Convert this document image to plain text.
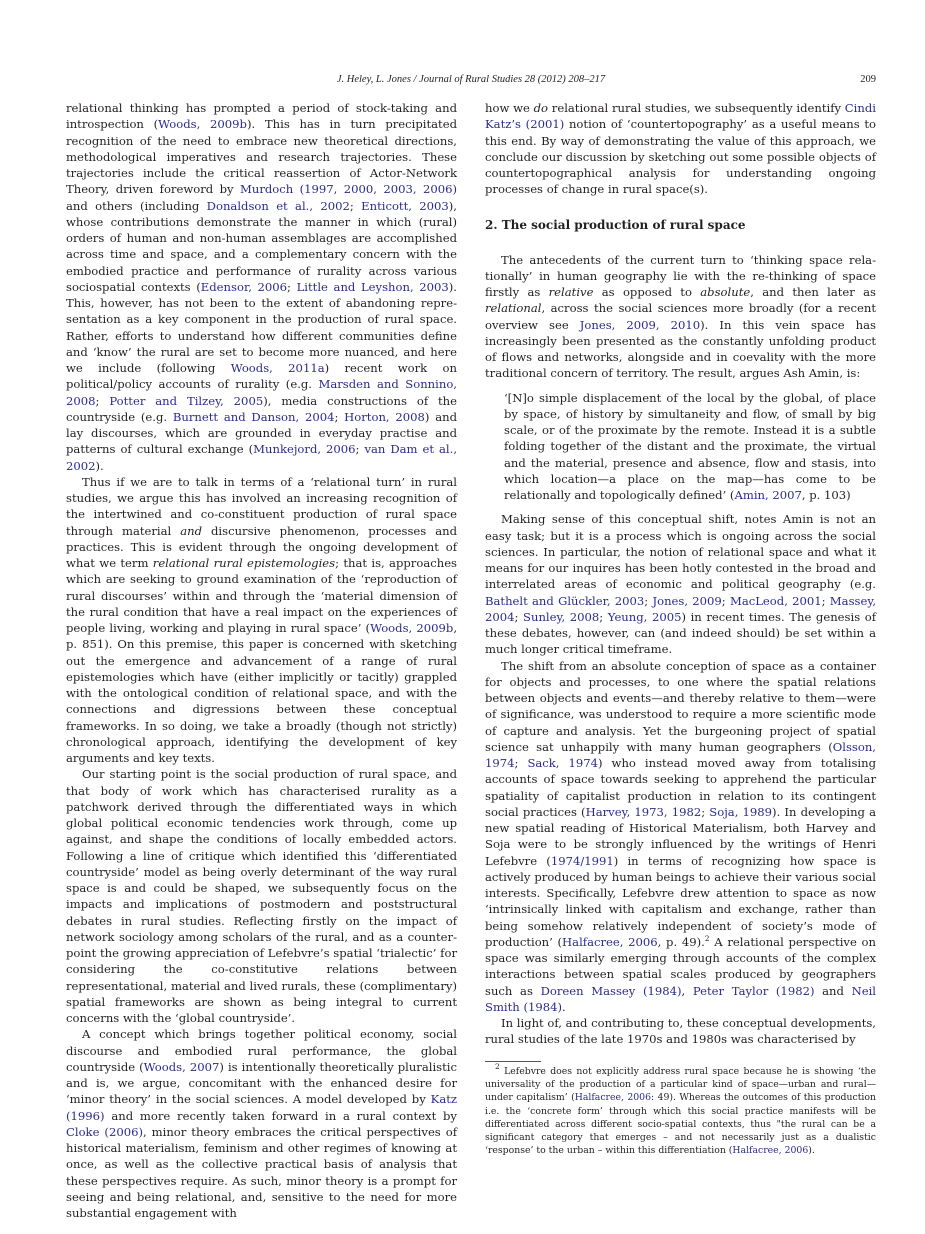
J. Heley, L. Jones / Journal of Rural Studies 28 (2012) 208–217	209

relational thinking has prompted a period of stock-taking and introspection (Woods, 2009b). This has in turn precipitated recognition of the need to embrace new theoretical directions, methodological imperatives and research trajectories. These trajectories include the critical reassertion of Actor-Network Theory, driven foreword by Murdoch (1997, 2000, 2003, 2006) and others (including Donaldson et al., 2002; Enticott, 2003), whose contributions demonstrate the manner in which (rural) orders of human and non-human assemblages are accomplished across time and space, and a complementary concern with the embodied practice and performance of rurality across various sociospatial contexts (Edensor, 2006; Little and Leyshon, 2003). This, however, has not been to the extent of abandoning representation as a key component in the production of rural space. Rather, efforts to understand how different communities define and ‘know’ the rural are set to become more nuanced, and here we include (following Woods, 2011a) recent work on political/policy accounts of rurality (e.g. Marsden and Sonnino, 2008; Potter and Tilzey, 2005), media constructions of the countryside (e.g. Burnett and Danson, 2004; Horton, 2008) and lay discourses, which are grounded in everyday practise and patterns of cultural exchange (Munkejord, 2006; van Dam et al., 2002).

Thus if we are to talk in terms of a ‘relational turn’ in rural studies, we argue this has involved an increasing recognition of the intertwined and co-constituent production of rural space through material and discursive phenomenon, processes and practices. This is evident through the ongoing development of what we term relational rural epistemologies; that is, approaches which are seeking to ground examination of the ‘reproduction of rural discourses’ within and through the ‘material dimension of the rural condition that have a real impact on the experiences of people living, working and playing in rural space’ (Woods, 2009b, p. 851). On this premise, this paper is concerned with sketching out the emergence and advancement of a range of rural epistemologies which have (either implicitly or tacitly) grappled with the ontological condition of relational space, and with the connections and digressions between these conceptual frameworks. In so doing, we take a broadly (though not strictly) chronological approach, identifying the development of key arguments and key texts.

Our starting point is the social production of rural space, and that body of work which has characterised rurality as a patchwork derived through the differentiated ways in which global political economic tendencies work through, come up against, and shape the conditions of locally embedded actors. Following a line of critique which identified this ‘differentiated countryside’ model as being overly determinant of the way rural space is and could be shaped, we subsequently focus on the impacts and implications of postmodern and poststructural debates in rural studies. Reflecting firstly on the impact of network sociology among scholars of the rural, and as a counter-point the growing appreciation of Lefebvre’s spatial ‘trialectic’ for considering the co-constitutive relations between representational, material and lived rurals, these (complimentary) spatial frameworks are shown as being integral to current concerns with the ‘global countryside’.

A concept which brings together political economy, social discourse and embodied rural performance, the global countryside (Woods, 2007) is intentionally theoretically pluralistic and is, we argue, concomitant with the enhanced desire for ‘minor theory’ in the social sciences. A model developed by Katz (1996) and more recently taken forward in a rural context by Cloke (2006), minor theory embraces the critical perspectives of historical materialism, feminism and other regimes of knowing at once, as well as the collective practical basis of analysis that these perspectives require. As such, minor theory is a prompt for seeing and being relational, and, sensitive to the need for more substantial engagement with

how we do relational rural studies, we subsequently identify Cindi Katz’s (2001) notion of ‘countertopography’ as a useful means to this end. By way of demonstrating the value of this approach, we conclude our discussion by sketching out some possible objects of countertopographical analysis for understanding ongoing processes of change in rural space(s).

2. The social production of rural space

The antecedents of the current turn to ‘thinking space relationally’ in human geography lie with the re-thinking of space firstly as relative as opposed to absolute, and then later as relational, across the social sciences more broadly (for a recent overview see Jones, 2009, 2010). In this vein space has increasingly been presented as the constantly unfolding product of flows and networks, alongside and in coevality with the more traditional concern of territory. The result, argues Ash Amin, is:

‘[N]o simple displacement of the local by the global, of place by space, of history by simultaneity and flow, of small by big scale, or of the proximate by the remote. Instead it is a subtle folding together of the distant and the proximate, the virtual and the material, presence and absence, flow and stasis, into which location—a place on the map—has come to be relationally and topologically defined’ (Amin, 2007, p. 103)

Making sense of this conceptual shift, notes Amin is not an easy task; but it is a process which is ongoing across the social sciences. In particular, the notion of relational space and what it means for our inquires has been hotly contested in the broad and interrelated areas of economic and political geography (e.g. Bathelt and Glückler, 2003; Jones, 2009; MacLeod, 2001; Massey, 2004; Sunley, 2008; Yeung, 2005) in recent times. The genesis of these debates, however, can (and indeed should) be set within a much longer critical timeframe.

The shift from an absolute conception of space as a container for objects and processes, to one where the spatial relations between objects and events—and thereby relative to them—were of significance, was understood to require a more scientific mode of capture and analysis. Yet the burgeoning project of spatial science sat unhappily with many human geographers (Olsson, 1974; Sack, 1974) who instead moved away from totalising accounts of space towards seeking to apprehend the particular spatiality of capitalist production in relation to its contingent social practices (Harvey, 1973, 1982; Soja, 1989). In developing a new spatial reading of Historical Materialism, both Harvey and Soja were to be strongly influenced by the writings of Henri Lefebvre (1974/1991) in terms of recognizing how space is actively produced by human beings to achieve their various social interests. Specifically, Lefebvre drew attention to space as now ‘intrinsically linked with capitalism and exchange, rather than being somehow relatively independent of society’s mode of production’ (Halfacree, 2006, p. 49).$^2$ A relational perspective on space was similarly emerging through accounts of the complex interactions between spatial scales produced by geographers such as Doreen Massey (1984), Peter Taylor (1982) and Neil Smith (1984).

In light of, and contributing to, these conceptual developments, rural studies of the late 1970s and 1980s was characterised by

$^2$ Lefebvre does not explicitly address rural space because he is showing ‘the universality of the production of a particular kind of space—urban and rural—under capitalism’ (Halfacree, 2006: 49). Whereas the outcomes of this production i.e. the ‘concrete form’ through which this social practice manifests will be differentiated across different socio-spatial contexts, thus "the rural can be a significant category that emerges – and not necessarily just as a dualistic ‘response’ to the urban – within this differentiation (Halfacree, 2006).
